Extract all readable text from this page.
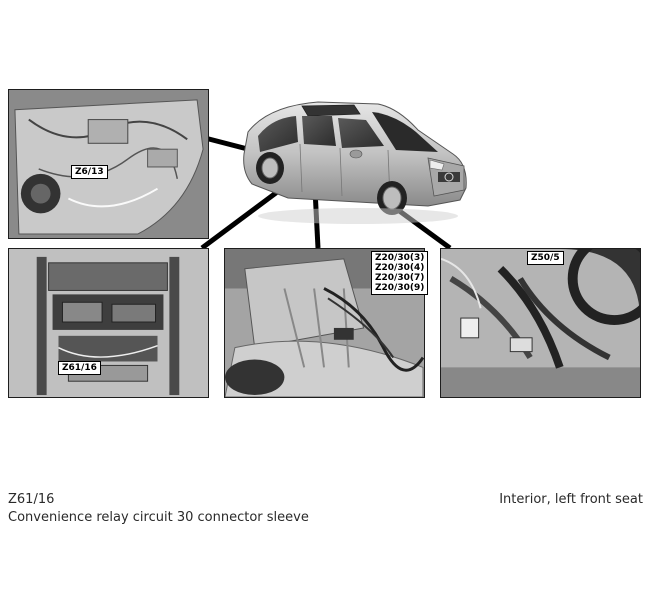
Z6/13
Z61/16
Z20/30(3)
Z20/30(4)
Z20/30(7)
Z20/30(9)
Z50/5
Z61/16
Convenience relay circuit 30 connector sleeve
Interior, left front seat
